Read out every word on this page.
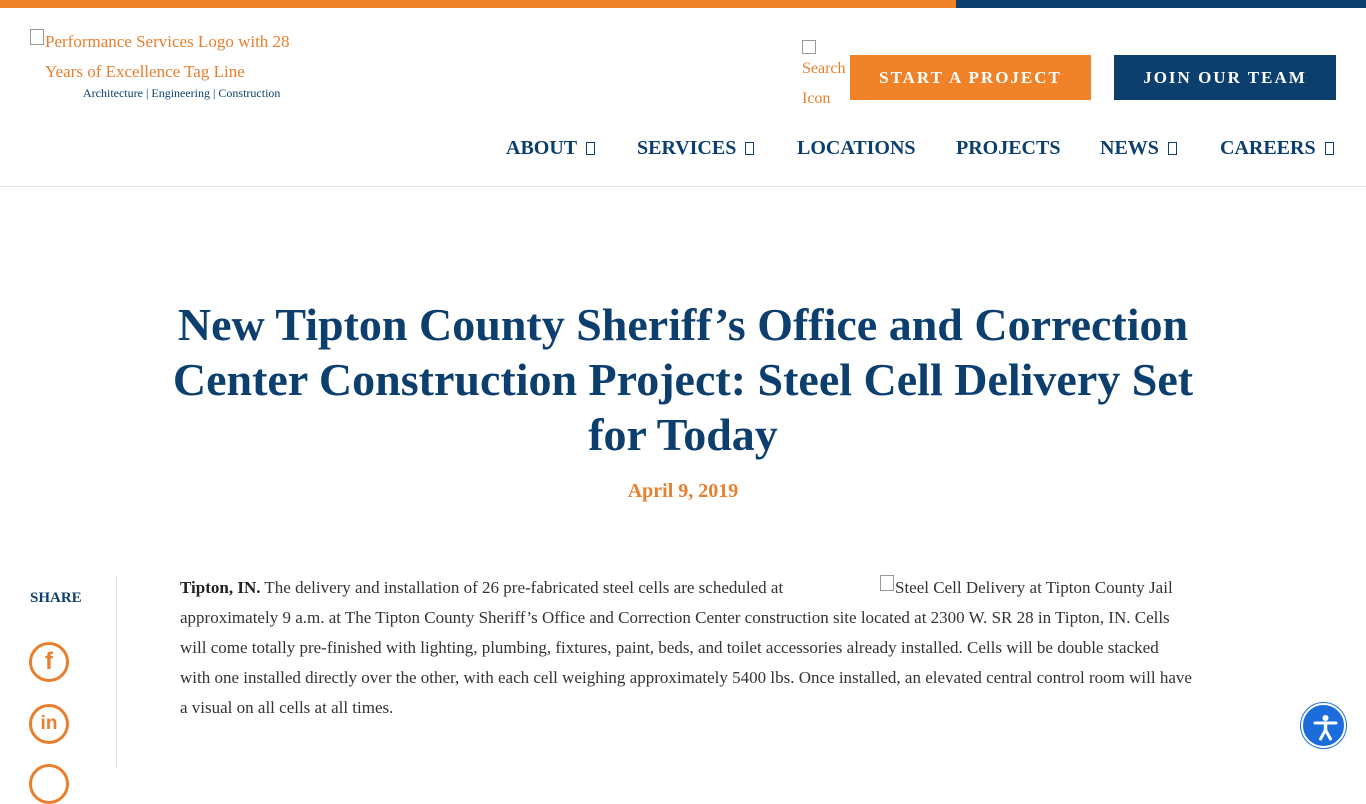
Performance Services Logo with 28 Years of Excellence Tag Line
Architecture | Engineering | Construction
Search Icon
START A PROJECT	JOIN OUR TEAM
ABOUT	SERVICES	LOCATIONS PROJECTS NEWS	CAREERS
New Tipton County Sheriff’s Office and Correction Center Construction Project: Steel Cell Delivery Set for Today
April 9, 2019
SHARE
f
in
Steel Cell Delivery at Tipton County Jail
Tipton, IN. The delivery and installation of 26 pre-fabricated steel cells are scheduled at approximately 9 a.m. at The Tipton County Sheriff’s Office and Correction Center construction site located at 2300 W. SR 28 in Tipton, IN. Cells will come totally pre-finished with lighting, plumbing, fixtures, paint, beds, and toilet accessories already installed. Cells will be double stacked with one installed directly over the other, with each cell weighing approximately 5400 lbs. Once installed, an elevated central control room will have a visual on all cells at all times.
